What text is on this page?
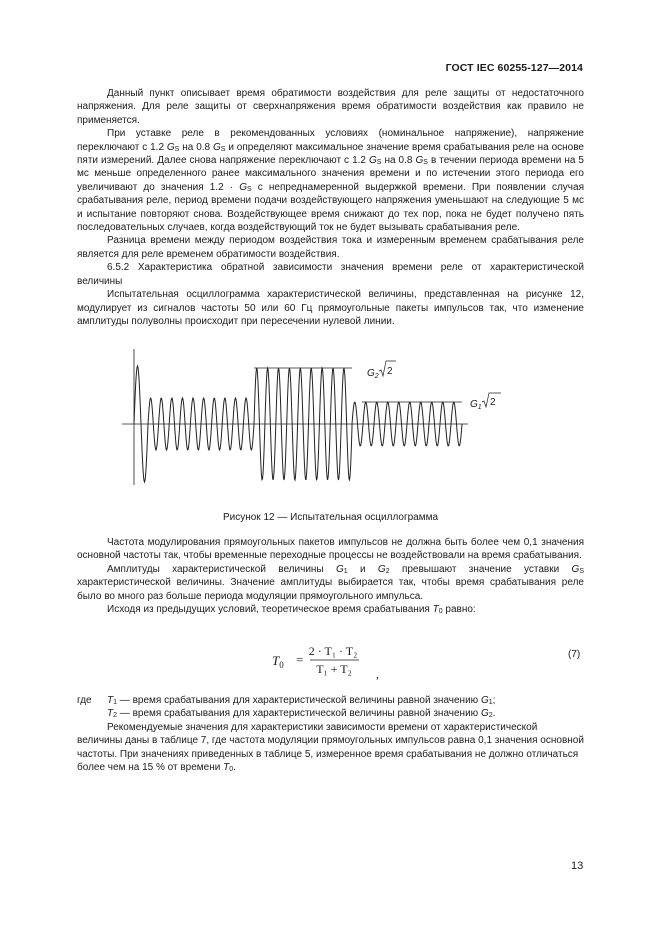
ГОСТ IEC 60255-127—2014

Данный пункт описывает время обратимости воздействия для реле защиты от недостаточного напряжения. Для реле защиты от сверхнапряжения время обратимости воздействия как правило не применяется.

При уставке реле в рекомендованных условиях (номинальное напряжение), напряжение переключают с 1.2 $G_S$ на 0.8 $G_S$ и определяют максимальное значение время срабатывания реле на основе пяти измерений. Далее снова напряжение переключают с 1.2 $G_S$ на 0.8 $G_S$ в течении периода времени на 5 мс меньше определенного ранее максимального значения времени и по истечении этого периода его увеличивают до значения $1.2 \cdot G_S$ с непреднамеренной выдержкой времени. При появлении случая срабатывания реле, период времени подачи воздействующего напряжения уменьшают на следующие 5 мс и испытание повторяют снова. Воздействующее время снижают до тех пор, пока не будет получено пять последовательных случаев, когда воздействующий ток не будет вызывать срабатывания реле.

Разница времени между периодом воздействия тока и измеренным временем срабатывания реле является для реле временем обратимости воздействия.

6.5.2 Характеристика обратной зависимости значения времени реле от характеристической величины

Испытательная осциллограмма характеристической величины, представленная на рисунке 12, модулирует из сигналов частоты 50 или 60 Гц прямоугольные пакеты импульсов так, что изменение амплитуды полуволны происходит при пересечении нулевой линии.

$G_2$ 2
$G_1$ 2
Рисунок 12 — Испытательная осциллограмма

Частота модулирования прямоугольных пакетов импульсов не должна быть более чем 0,1 значения основной частоты так, чтобы временные переходные процессы не воздействовали на время срабатывания.

Амплитуды характеристической величины $G_1$ и $G_2$ превышают значение уставки $G_S$ характеристической величины. Значение амплитуды выбирается так, чтобы время срабатывания реле было во много раз больше периода модуляции прямоугольного импульса.

Исходя из предыдущих условий, теоретическое время срабатывания $T_0$ равно:

$T_0$ =
2 · T₁ · T₂
T₁ + T₂ ,
(7)
где $T_1$ — время срабатывания для характеристической величины равной значению $G_1$;
$T_2$ — время срабатывания для характеристической величины равной значению $G_2$.

Рекомендуемые значения для характеристики зависимости времени от характеристической величины даны в таблице 7, где частота модуляции прямоугольных импульсов равна 0,1 значения основной частоты. При значениях приведенных в таблице 5, измеренное время срабатывания не должно отличаться более чем на 15 % от времени $T_0$.

13
